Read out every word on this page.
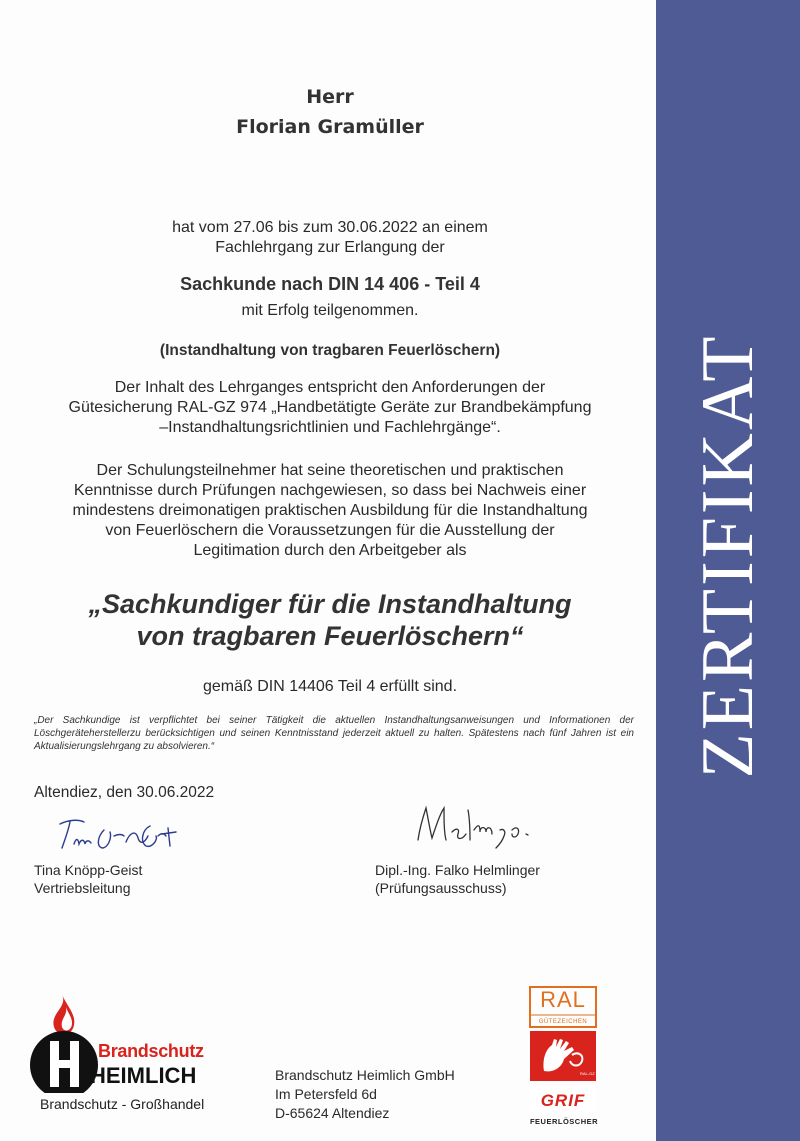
ZERTIFIKAT
Herr
Florian Gramüller
hat vom 27.06 bis zum 30.06.2022 an einem
Fachlehrgang zur Erlangung der
Sachkunde nach DIN 14 406 - Teil 4
mit Erfolg teilgenommen.
(Instandhaltung von tragbaren Feuerlöschern)
Der Inhalt des Lehrganges entspricht den Anforderungen der
Gütesicherung RAL-GZ 974 „Handbetätigte Geräte zur Brandbekämpfung
–Instandhaltungsrichtlinien und Fachlehrgänge“.
Der Schulungsteilnehmer hat seine theoretischen und praktischen
Kenntnisse durch Prüfungen nachgewiesen, so dass bei Nachweis einer
mindestens dreimonatigen praktischen Ausbildung für die Instandhaltung
von Feuerlöschern die Voraussetzungen für die Ausstellung der
Legitimation durch den Arbeitgeber als
„Sachkundiger für die Instandhaltung
von tragbaren Feuerlöschern“
gemäß DIN 14406 Teil 4 erfüllt sind.
„Der Sachkundige ist verpflichtet bei seiner Tätigkeit die aktuellen Instandhaltungsanweisungen und Informationen der Löschgeräteherstellerzu berücksichtigen und seinen Kenntnisstand jederzeit aktuell zu halten. Spätestens nach fünf Jahren ist ein Aktualisierungslehrgang zu absolvieren.“
Altendiez, den 30.06.2022
Tina Knöpp-Geist
Vertriebsleitung
Dipl.-Ing. Falko Helmlinger
(Prüfungsausschuss)
Brandschutz
HEIMLICH
Brandschutz - Großhandel
Brandschutz Heimlich GmbH
Im Petersfeld 6d
D-65624 Altendiez
RAL
GÜTEZEICHEN
RAL-GZ 974
GRIF
FEUERLÖSCHER
